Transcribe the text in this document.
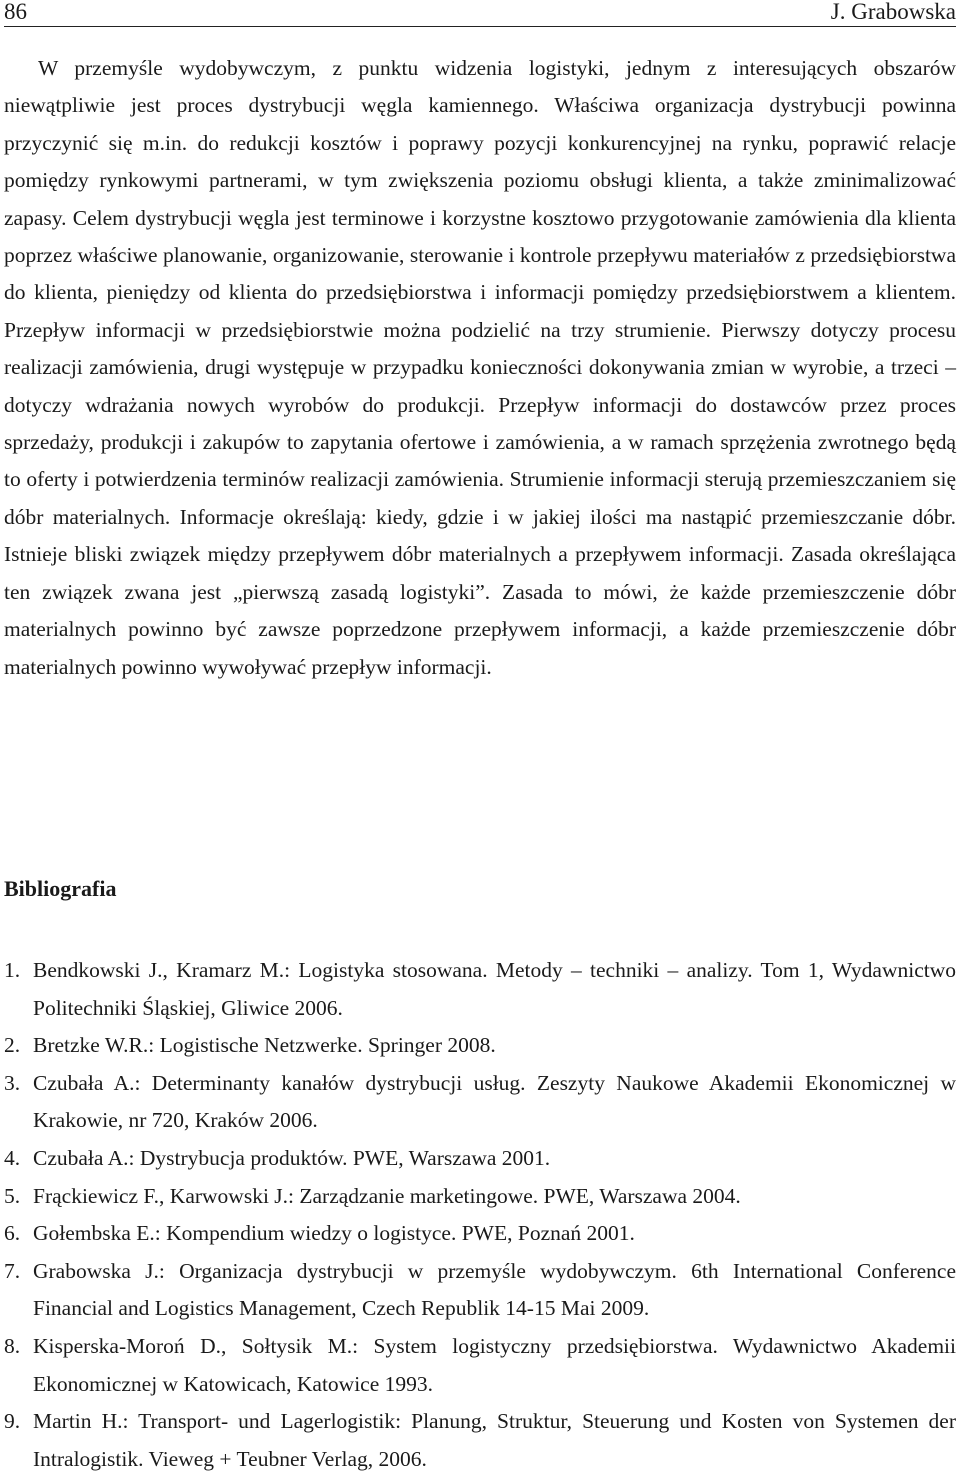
86	J. Grabowska

W przemyśle wydobywczym, z punktu widzenia logistyki, jednym z interesujących obszarów niewątpliwie jest proces dystrybucji węgla kamiennego. Właściwa organizacja dystrybucji powinna przyczynić się m.in. do redukcji kosztów i poprawy pozycji konkurencyjnej na rynku, poprawić relacje pomiędzy rynkowymi partnerami, w tym zwiększenia poziomu obsługi klienta, a także zminimalizować zapasy. Celem dystrybucji węgla jest terminowe i korzystne kosztowo przygotowanie zamówienia dla klienta poprzez właściwe planowanie, organizowanie, sterowanie i kontrole przepływu materiałów z przedsiębiorstwa do klienta, pieniędzy od klienta do przedsiębiorstwa i informacji pomiędzy przedsiębiorstwem a klientem. Przepływ informacji w przedsiębiorstwie można podzielić na trzy strumienie. Pierwszy dotyczy procesu realizacji zamówienia, drugi występuje w przypadku konieczności dokonywania zmian w wyrobie, a trzeci – dotyczy wdrażania nowych wyrobów do produkcji. Przepływ informacji do dostawców przez proces sprzedaży, produkcji i zakupów to zapytania ofertowe i zamówienia, a w ramach sprzężenia zwrotnego będą to oferty i potwierdzenia terminów realizacji zamówienia. Strumienie informacji sterują przemieszczaniem się dóbr materialnych. Informacje określają: kiedy, gdzie i w jakiej ilości ma nastąpić przemieszczanie dóbr. Istnieje bliski związek między przepływem dóbr materialnych a przepływem informacji. Zasada określająca ten związek zwana jest „pierwszą zasadą logistyki”. Zasada to mówi, że każde przemieszczenie dóbr materialnych powinno być zawsze poprzedzone przepływem informacji, a każde przemieszczenie dóbr materialnych powinno wywoływać przepływ informacji.

Bibliografia
1. Bendkowski J., Kramarz M.: Logistyka stosowana. Metody – techniki – analizy. Tom 1, Wydawnictwo Politechniki Śląskiej, Gliwice 2006.
2. Bretzke W.R.: Logistische Netzwerke. Springer 2008.
3. Czubała A.: Determinanty kanałów dystrybucji usług. Zeszyty Naukowe Akademii Ekonomicznej w Krakowie, nr 720, Kraków 2006.
4. Czubała A.: Dystrybucja produktów. PWE, Warszawa 2001.
5. Frąckiewicz F., Karwowski J.: Zarządzanie marketingowe. PWE, Warszawa 2004.
6. Gołembska E.: Kompendium wiedzy o logistyce. PWE, Poznań 2001.
7. Grabowska J.: Organizacja dystrybucji w przemyśle wydobywczym. 6th International Conference Financial and Logistics Management, Czech Republik 14-15 Mai 2009.
8. Kisperska-Moroń D., Sołtysik M.: System logistyczny przedsiębiorstwa. Wydawnictwo Akademii Ekonomicznej w Katowicach, Katowice 1993.
9. Martin H.: Transport- und Lagerlogistik: Planung, Struktur, Steuerung und Kosten von Systemen der Intralogistik. Vieweg + Teubner Verlag, 2006.
